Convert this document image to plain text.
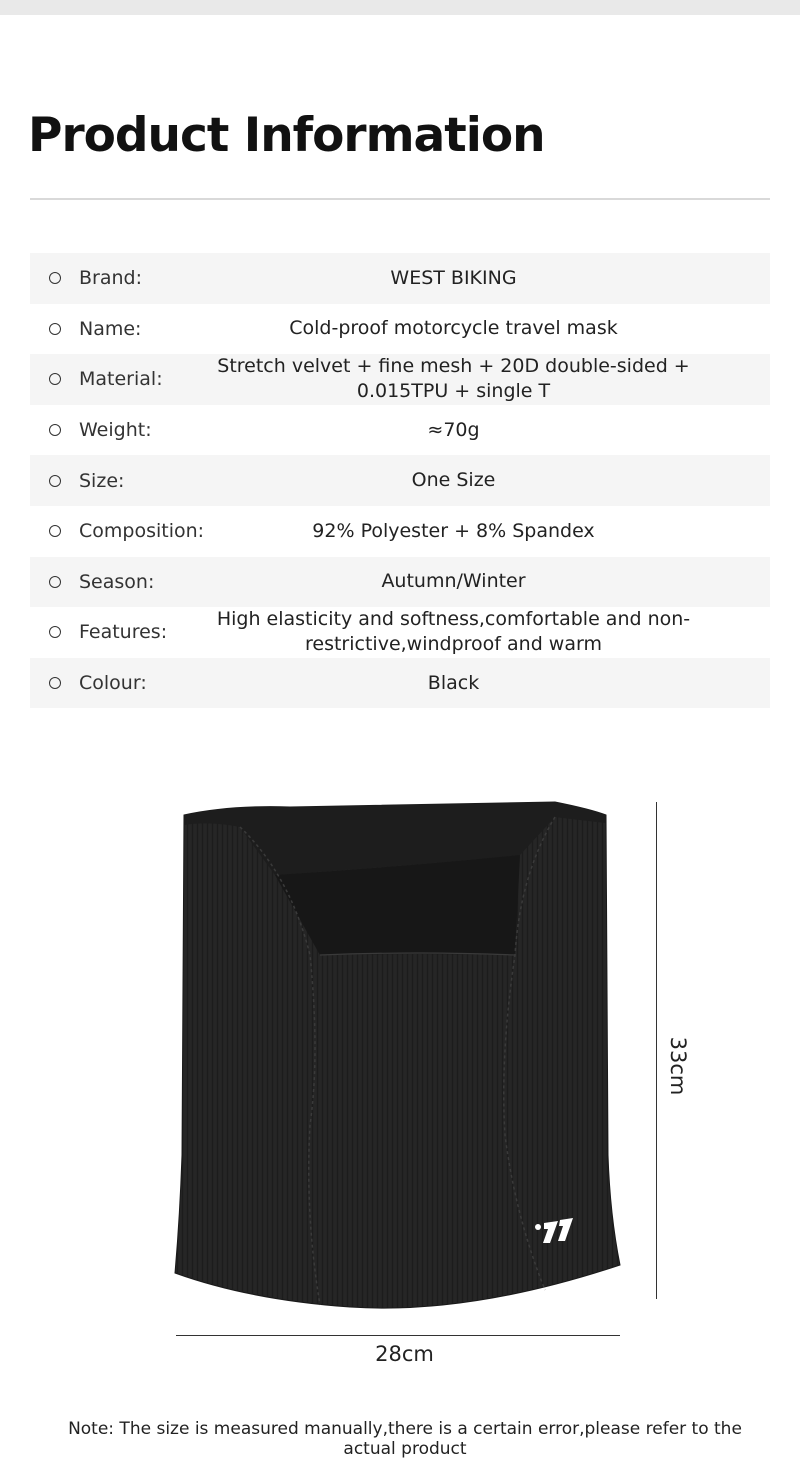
Product Information
Brand:	WEST BIKING
Name:	Cold-proof motorcycle travel mask
Material:
Stretch velvet + fine mesh + 20D double-sided + 0.015TPU + single T
Weight:	≈70g
Size:	One Size
Composition:	92% Polyester + 8% Spandex
Season:	Autumn/Winter
Features:
High elasticity and softness,comfortable and non-restrictive,windproof and warm
Colour:	Black
33cm
28cm
Note: The size is measured manually,there is a certain error,please refer to the actual product
